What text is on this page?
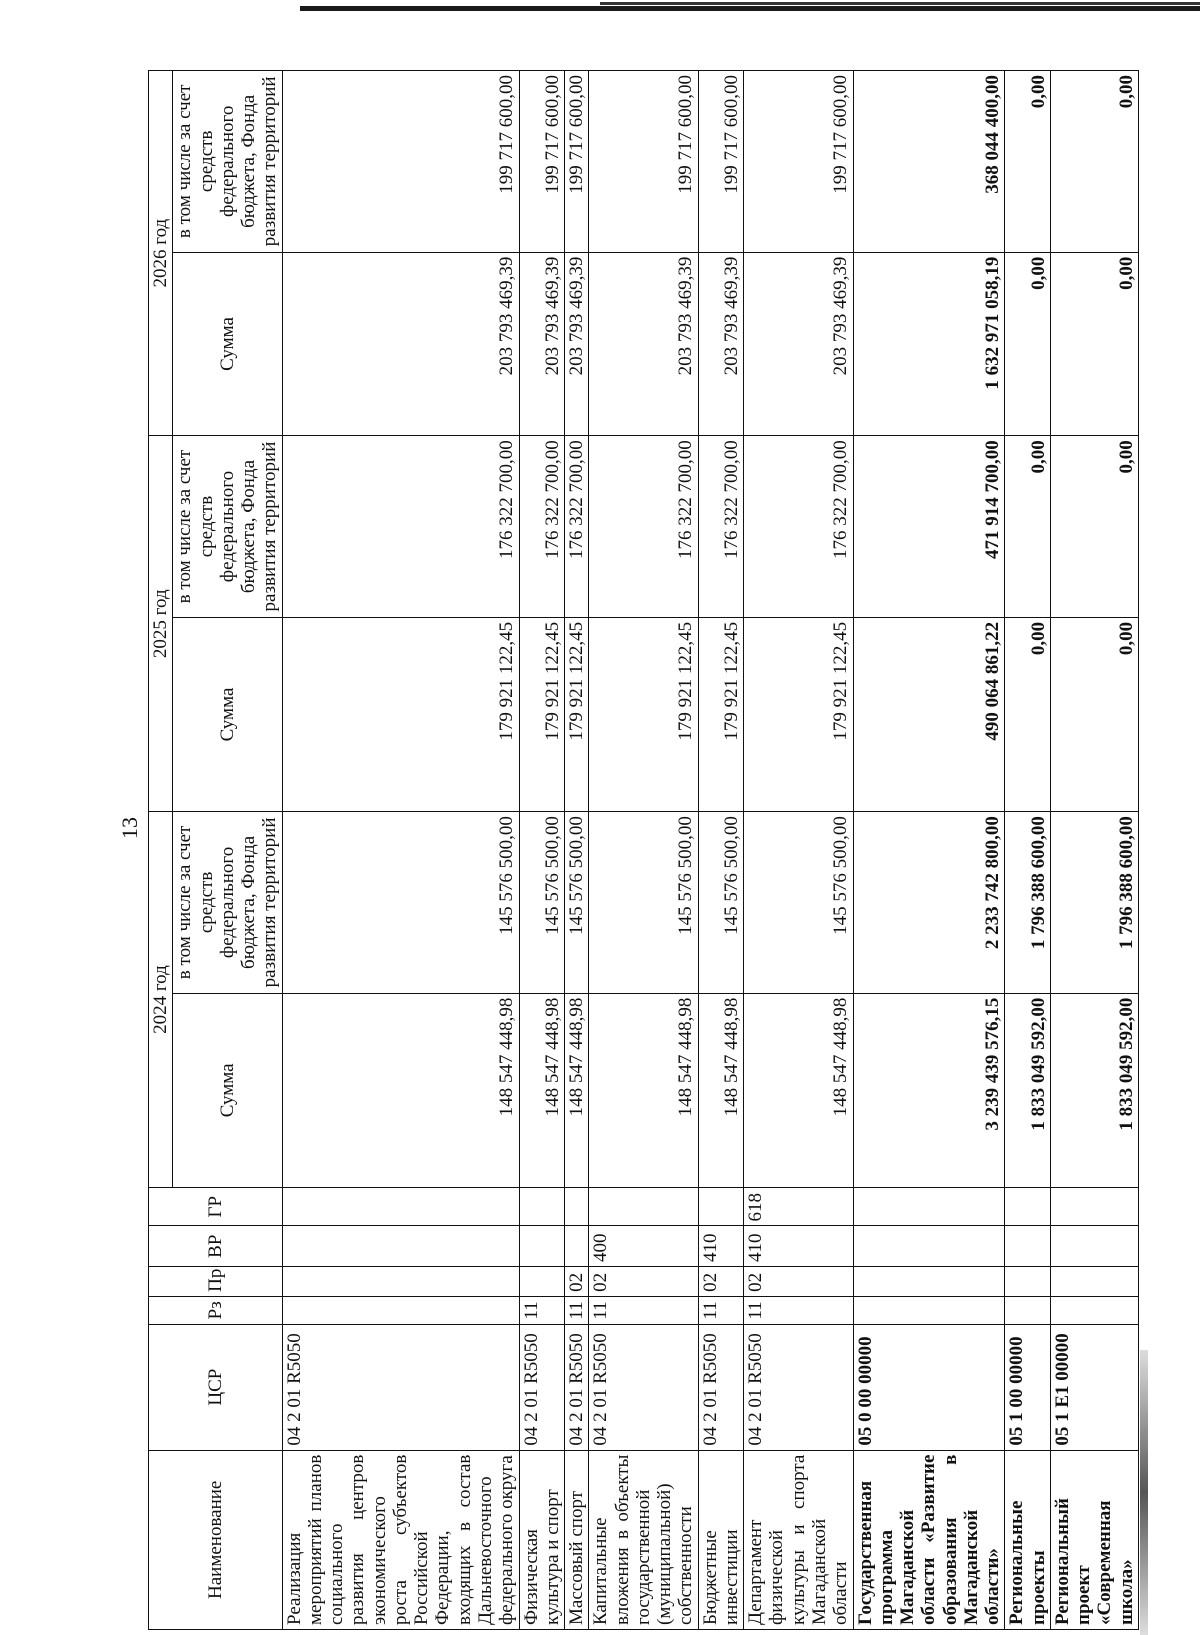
13
Наименование	ЦСР	Рз	Пр	ВР	ГР	2024 год		2025 год		2026 год	
						Сумма	в том числе за счет средств федерального бюджета, Фонда развития территорий	Сумма	в том числе за счет средств федерального бюджета, Фонда развития территорий	Сумма	в том числе за счет средств федерального бюджета, Фонда развития территорий
Реализация мероприятий планов социального развития центров экономического роста субъектов Российской Федерации, входящих в состав Дальневосточного федерального округа	04 2 01 R5050					148 547 448,98	145 576 500,00	179 921 122,45	176 322 700,00	203 793 469,39	199 717 600,00
Физическая культура и спорт	04 2 01 R5050	11				148 547 448,98	145 576 500,00	179 921 122,45	176 322 700,00	203 793 469,39	199 717 600,00
Массовый спорт	04 2 01 R5050	11	02			148 547 448,98	145 576 500,00	179 921 122,45	176 322 700,00	203 793 469,39	199 717 600,00
Капитальные вложения в объекты государственной (муниципальной) собственности	04 2 01 R5050	11	02	400		148 547 448,98	145 576 500,00	179 921 122,45	176 322 700,00	203 793 469,39	199 717 600,00
Бюджетные инвестиции	04 2 01 R5050	11	02	410		148 547 448,98	145 576 500,00	179 921 122,45	176 322 700,00	203 793 469,39	199 717 600,00
Департамент физической культуры и спорта Магаданской области	04 2 01 R5050	11	02	410	618	148 547 448,98	145 576 500,00	179 921 122,45	176 322 700,00	203 793 469,39	199 717 600,00
Государственная программа Магаданской области «Развитие образования в Магаданской области»	05 0 00 00000					3 239 439 576,15	2 233 742 800,00	490 064 861,22	471 914 700,00	1 632 971 058,19	368 044 400,00
Региональные проекты	05 1 00 00000					1 833 049 592,00	1 796 388 600,00	0,00	0,00	0,00	0,00
Региональный проект «Современная школа»	05 1 E1 00000					1 833 049 592,00	1 796 388 600,00	0,00	0,00	0,00	0,00
